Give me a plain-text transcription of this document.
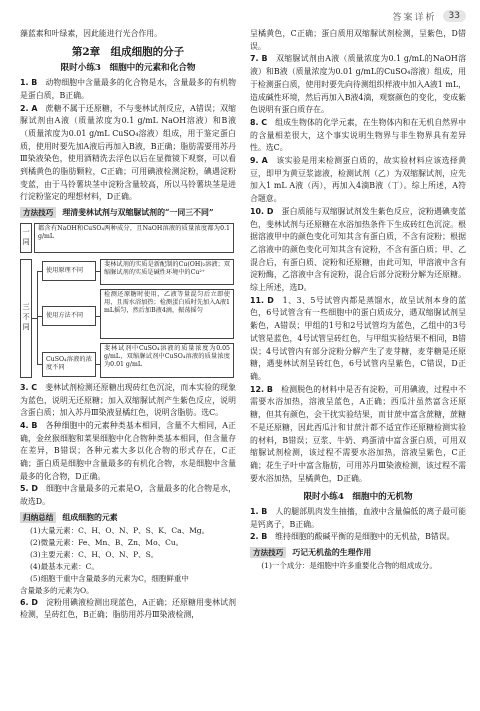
答案详析	33

藻蓝素和叶绿素，因此能进行光合作用。

第2章　组成细胞的分子
限时小练3　细胞中的元素和化合物

1. B　 动物细胞中含量最多的化合物是水，含量最多的有机物是蛋白质，B正确。

2. A　 蔗糖不属于还原糖，不与斐林试剂反应，A错误；双缩脲试剂由A液（质量浓度为0.1 g/mL NaOH溶液）和B液（质量浓度为0.01 g/mL CuSO₄溶液）组成，用于鉴定蛋白质，使用时要先加A液后再加入B液，B正确；脂肪需要用苏丹Ⅲ染液染色，使用酒精洗去浮色以后在显微镜下观察，可以看到橘黄色的脂肪颗粒，C正确；可用碘液检测淀粉，碘遇淀粉变蓝，由于马铃薯块茎中淀粉含量较高，所以马铃薯块茎是进行淀粉鉴定的理想材料，D正确。

方法技巧 理清斐林试剂与双缩脲试剂的“一同三不同”
一同	都含有NaOH和CuSO₄两种成分，且NaOH溶液的质量浓度都为0.1 g/mL
三不同
使用原理不同
斐林试剂的实质是新配制的Cu(OH)₂溶液；双缩脲试剂的实质是碱性环境中的Cu²⁺
使用方法不同
检测还原糖时使用，乙液等量混匀后立即使用，且需水浴加热；检测蛋白质时先加入A液1 mL摇匀，然后加B液4滴，振荡摇匀
CuSO₄溶液的浓度不同
斐林试剂中CuSO₄溶液的质量浓度为0.05 g/mL，双缩脲试剂中CuSO₄溶液的质量浓度为0.01 g/mL

3. C　 斐林试剂检测还原糖出现砖红色沉淀，而本实验的现象为蓝色，说明无还原糖；加入双缩脲试剂产生紫色反应，说明含蛋白质；加入苏丹Ⅲ染液显橘红色，说明含脂肪。选C。

4. B　 各种细胞中的元素种类基本相同，含量不大相同，A正确，金丝猴细胞和菜果细胞中化合物种类基本相同，但含量存在差异，B错误；各种元素大多以化合物的形式存在，C正确；蛋白质是细胞中含量最多的有机化合物，水是细胞中含量最多的化合物，D正确。

5. D　 细胞中含量最多的元素是O，含量最多的化合物是水，故选D。

归纳总结 组成细胞的元素

(1)大量元素：C、H、O、N、P、S、K、Ca、Mg。

(2)微量元素：Fe、Mn、B、Zn、Mo、Cu。

(3)主要元素：C、H、O、N、P、S。

(4)最基本元素：C。

(5)细胞干重中含量最多的元素为C，细胞鲜重中

含量最多的元素为O。

6. D　 淀粉用碘液检测出现蓝色，A正确；还原糖用斐林试剂检测，呈砖红色，B正确；脂肪用苏丹Ⅲ染液检测，

呈橘黄色，C正确；蛋白质用双缩脲试剂检测，呈紫色，D错误。

7. B　 双缩脲试剂由A液（质量浓度为0.1 g/mL的NaOH溶液）和B液（质量浓度为0.01 g/mL的CuSO₄溶液）组成，用于检测蛋白质，使用时要先向待测组织样液中加入A液1 mL，造成碱性环境，然后再加入B液4滴，观察颜色的变化，变成紫色说明有蛋白质存在。

8. C　 组成生物体的化学元素，在生物体内和在无机自然界中的含量相差很大，这个事实说明生物界与非生物界具有差异性。选C。

9. A　 该实验是用来检测蛋白质的，故实验材料应该选择黄豆，即甲为黄豆浆滤液，检测试剂（乙）为双缩脲试剂，应先加入1 mL A液（丙），再加入4滴B液（丁）。综上所述，A符合题意。

10. D　 蛋白质能与双缩脲试剂发生紫色反应，淀粉遇碘变蓝色，斐林试剂与还原糖在水浴加热条件下生成砖红色沉淀。根据溶液甲中的颜色变化可知其含有蛋白质，不含有淀粉；根据乙溶液中的颜色变化可知其含有淀粉，不含有蛋白质；甲、乙混合后，有蛋白质、淀粉和还原糖，由此可知，甲溶液中含有淀粉酶，乙溶液中含有淀粉，混合后部分淀粉分解为还原糖。综上所述，选D。

11. D　 1、3、5号试管内都是蒸馏水，故呈试剂本身的蓝色，6号试管含有一些细胞中的蛋白质成分，遇双缩脲试剂呈紫色，A错误；甲组的1号和2号试管均为蓝色，乙组中的3号试管是蓝色，4号试管呈砖红色，与甲组实验结果不相同，B错误；4号试管内有部分淀粉分解产生了麦芽糖，麦芽糖是还原糖，遇斐林试剂呈砖红色，6号试管内呈紫色，C错误，D正确。

12. B　 检测脱色的材料中是否有淀粉，可用碘液，过程中不需要水浴加热，溶液呈蓝色，A正确；西瓜汁虽然富含还原糖，但其有颜色，会干扰实验结果，而甘蔗中富含蔗糖，蔗糖不是还原糖，因此西瓜汁和甘蔗汁都不适宜作还原糖检测实验的材料，B错误；豆浆、牛奶、鸡蛋清中富含蛋白质，可用双缩脲试剂检测，该过程不需要水浴加热，溶液呈紫色，C正确；花生子叶中富含脂肪，可用苏丹Ⅲ染液检测，该过程不需要水浴加热，呈橘黄色，D正确。

限时小练4　细胞中的无机物

1. B　 人的腿部肌肉发生抽搐，血液中含量偏低的离子最可能是钙离子，B正确。

2. B　 维持细胞的酸碱平衡的是细胞中的无机盐，B错误。

方法技巧 巧记无机盐的生理作用

(1)一个成分：是细胞中许多重要化合物的组成成分。
